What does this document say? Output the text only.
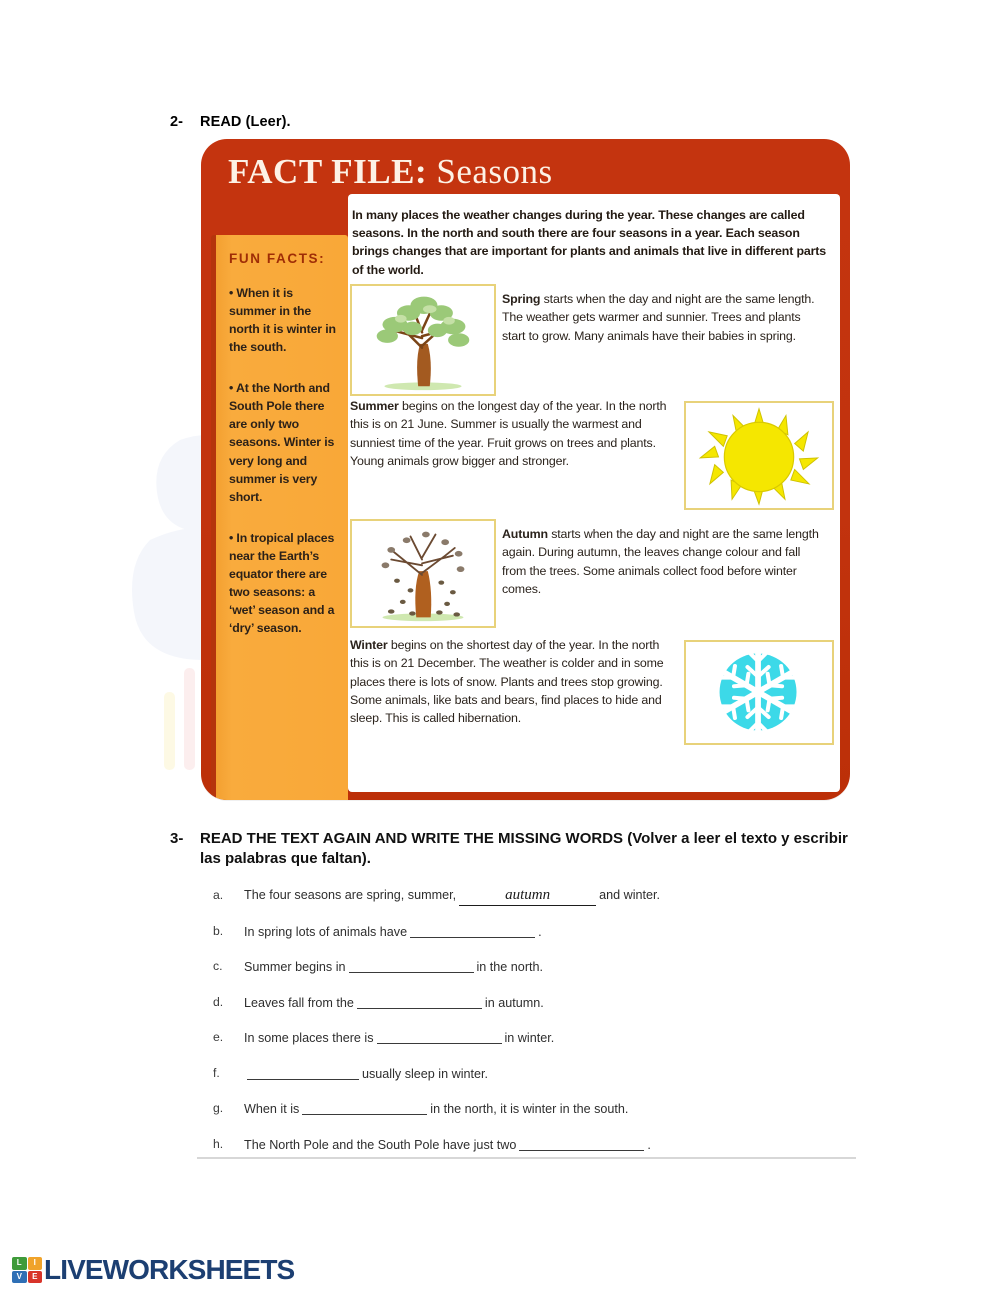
2- READ (Leer).
FACT FILE: Seasons
FUN FACTS:
• When it is summer in the north it is winter in the south.
• At the North and South Pole there are only two seasons. Winter is very long and summer is very short.
• In tropical places near the Earth’s equator there are two seasons: a ‘wet’ season and a ‘dry’ season.
In many places the weather changes during the year. These changes are called seasons. In the north and south there are four seasons in a year. Each season brings changes that are important for plants and animals that live in different parts of the world.
Spring starts when the day and night are the same length. The weather gets warmer and sunnier. Trees and plants start to grow. Many animals have their babies in spring.
Summer begins on the longest day of the year. In the north this is on 21 June. Summer is usually the warmest and sunniest time of the year. Fruit grows on trees and plants. Young animals grow bigger and stronger.
Autumn starts when the day and night are the same length again. During autumn, the leaves change colour and fall from the trees. Some animals collect food before winter comes.
Winter begins on the shortest day of the year. In the north this is on 21 December. The weather is colder and in some places there is lots of snow. Plants and trees stop growing. Some animals, like bats and bears, find places to hide and sleep. This is called hibernation.
3- READ THE TEXT AGAIN AND WRITE THE MISSING WORDS (Volver a leer el texto y escribir las palabras que faltan).
a. The four seasons are spring, summer,	autumn	and winter.
b. In spring lots of animals have	.
c. Summer begins in	in the north.
d. Leaves fall from the	in autumn.
e. In some places there is	in winter.
f.	usually sleep in winter.
g. When it is	in the north, it is winter in the south.
h. The North Pole and the South Pole have just two	.
L	I
V	E LIVEWORKSHEETS
